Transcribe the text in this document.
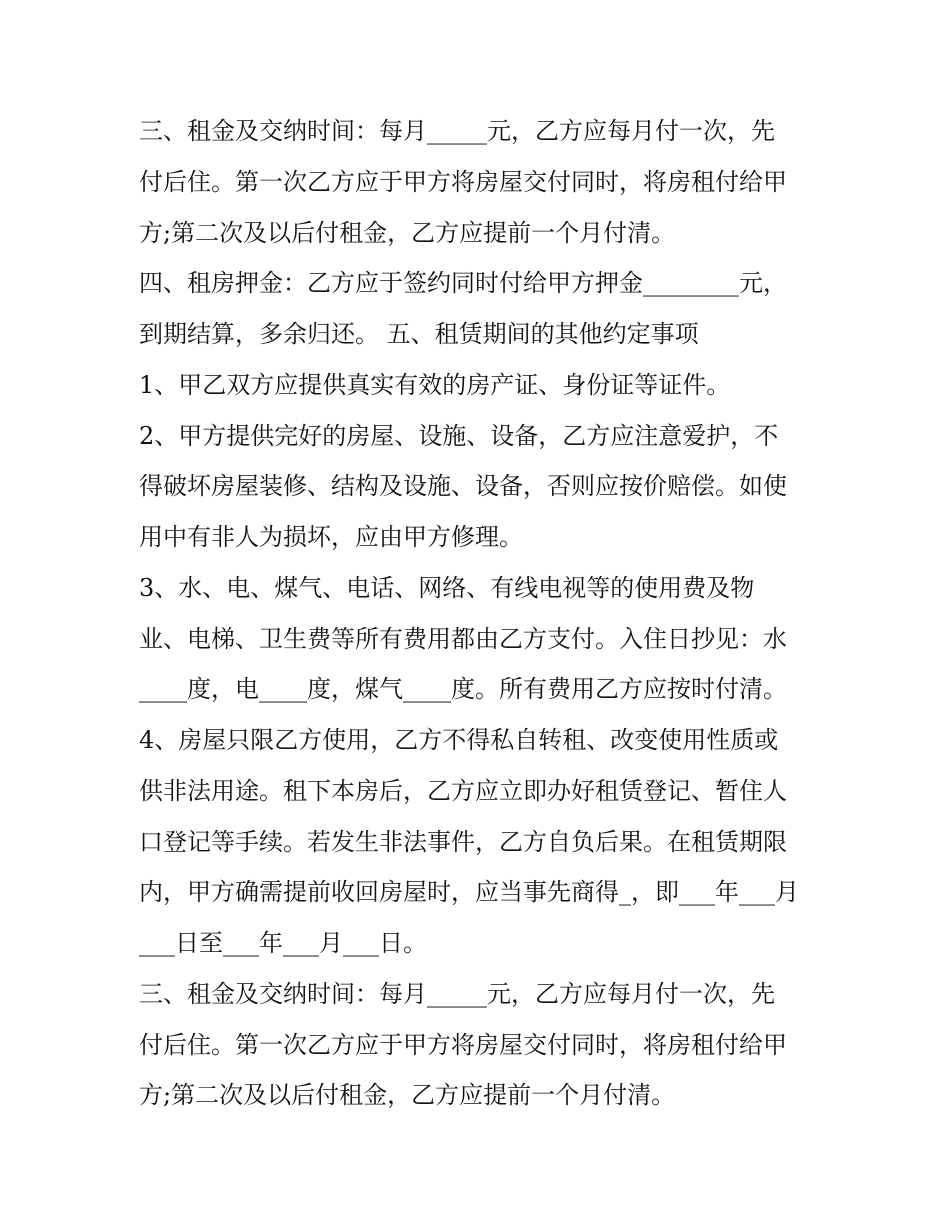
三、租金及交纳时间：每月_____元，乙方应每月付一次，先
付后住。第一次乙方应于甲方将房屋交付同时，将房租付给甲
方;第二次及以后付租金，乙方应提前一个月付清。
四、租房押金：乙方应于签约同时付给甲方押金________元，
到期结算，多余归还。 五、租赁期间的其他约定事项
1、甲乙双方应提供真实有效的房产证、身份证等证件。
2、甲方提供完好的房屋、设施、设备，乙方应注意爱护，不
得破坏房屋装修、结构及设施、设备，否则应按价赔偿。如使
用中有非人为损坏，应由甲方修理。
3、水、电、煤气、电话、网络、有线电视等的使用费及物
业、电梯、卫生费等所有费用都由乙方支付。入住日抄见：水
____度，电____度，煤气____度。所有费用乙方应按时付清。
4、房屋只限乙方使用，乙方不得私自转租、改变使用性质或
供非法用途。租下本房后，乙方应立即办好租赁登记、暂住人
口登记等手续。若发生非法事件，乙方自负后果。在租赁期限
内，甲方确需提前收回房屋时，应当事先商得_，即___年___月
___日至___年___月___日。
三、租金及交纳时间：每月_____元，乙方应每月付一次，先
付后住。第一次乙方应于甲方将房屋交付同时，将房租付给甲
方;第二次及以后付租金，乙方应提前一个月付清。
